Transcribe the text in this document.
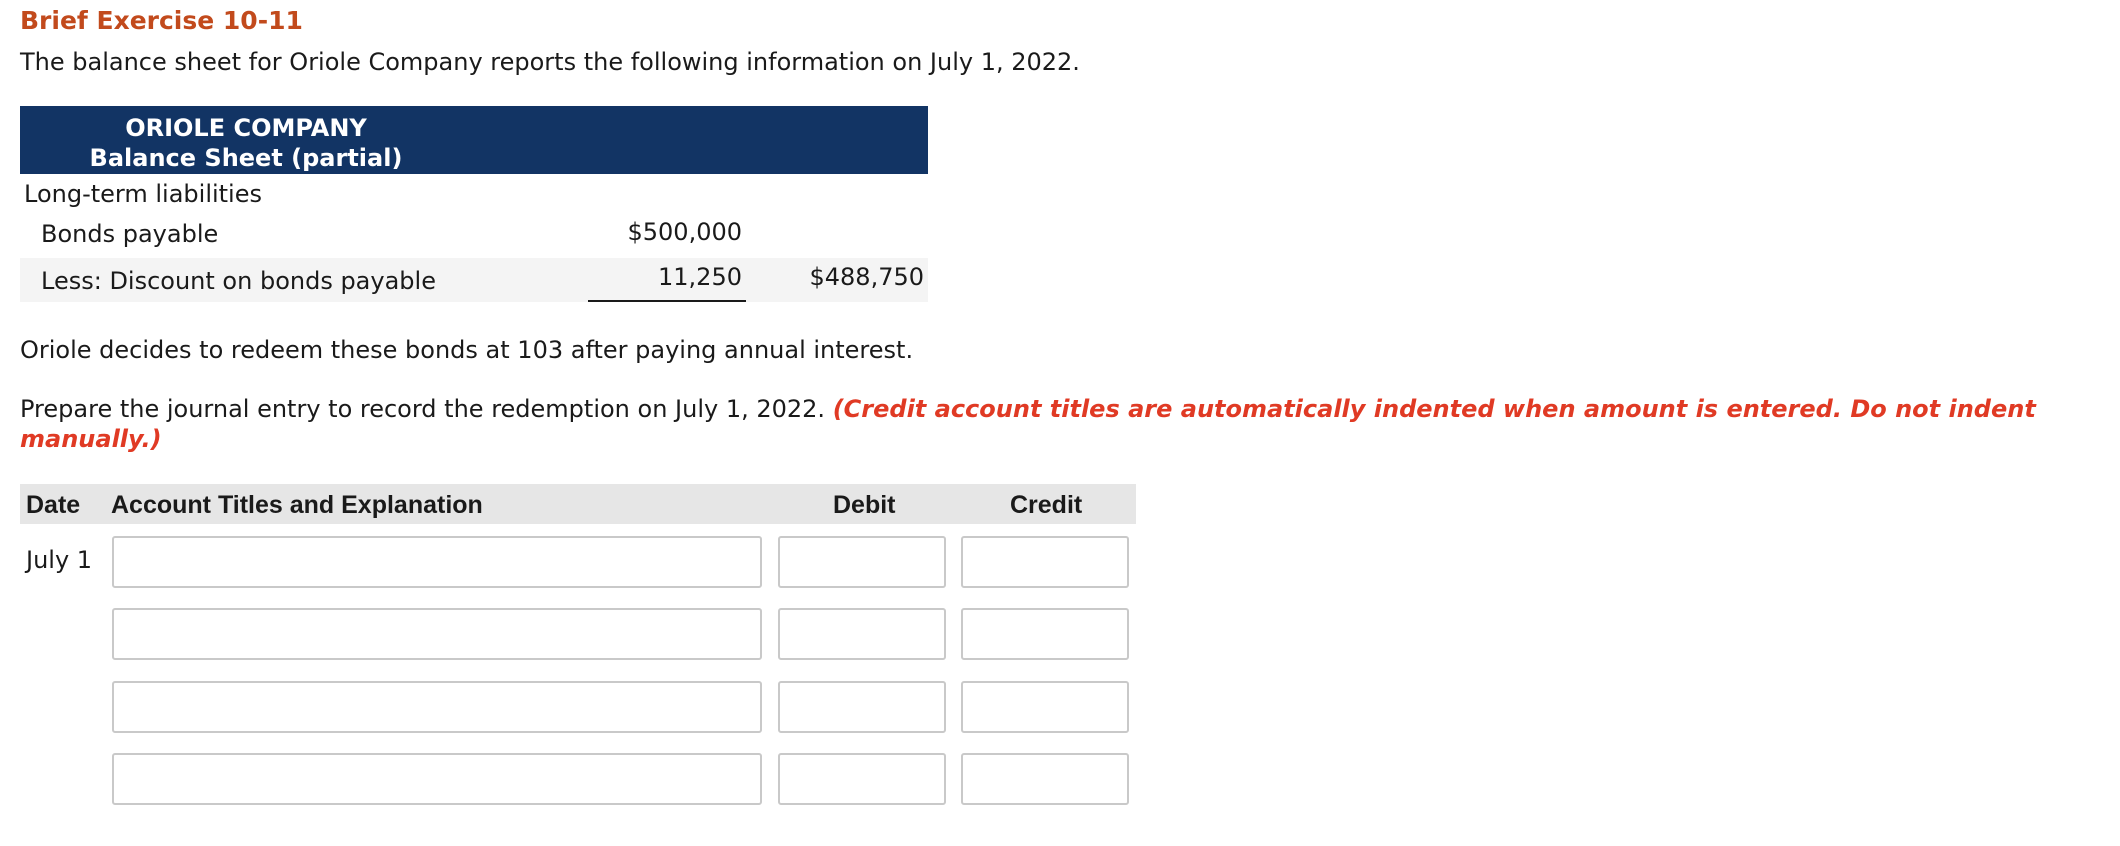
Brief Exercise 10-11
The balance sheet for Oriole Company reports the following information on July 1, 2022.
ORIOLE COMPANY
Balance Sheet (partial)
Long-term liabilities
Bonds payable	$500,000
Less: Discount on bonds payable	11,250	$488,750
Oriole decides to redeem these bonds at 103 after paying annual interest.
Prepare the journal entry to record the redemption on July 1, 2022. (Credit account titles are automatically indented when amount is entered. Do not indent manually.)
Date Account Titles and Explanation	Debit	Credit
July 1
